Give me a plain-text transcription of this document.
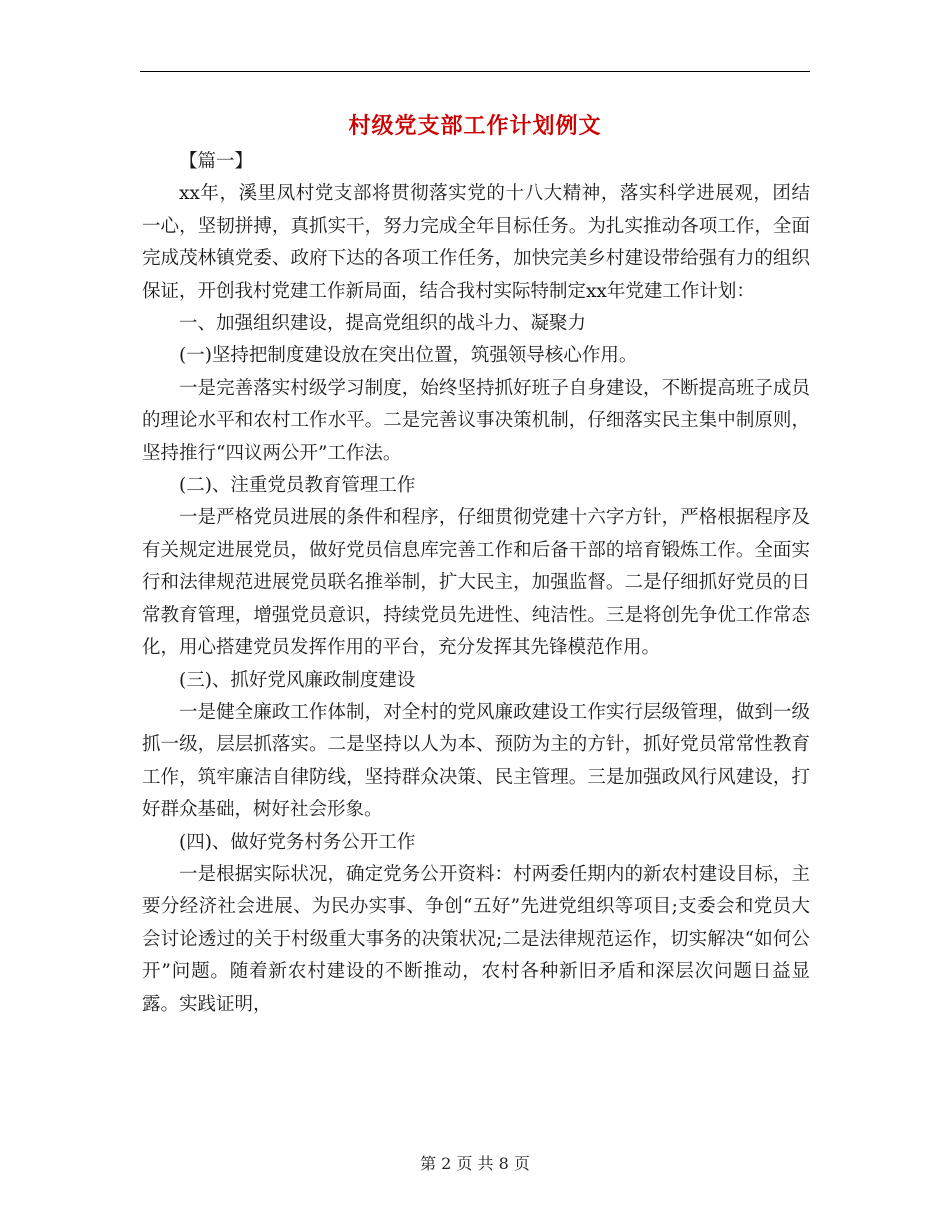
村级党支部工作计划例文

【篇一】

xx年，溪里凤村党支部将贯彻落实党的十八大精神，落实科学进展观，团结一心，坚韧拼搏，真抓实干，努力完成全年目标任务。为扎实推动各项工作，全面完成茂林镇党委、政府下达的各项工作任务，加快完美乡村建设带给强有力的组织保证，开创我村党建工作新局面，结合我村实际特制定xx年党建工作计划：

一、加强组织建设，提高党组织的战斗力、凝聚力

(一)坚持把制度建设放在突出位置，筑强领导核心作用。

一是完善落实村级学习制度，始终坚持抓好班子自身建设，不断提高班子成员的理论水平和农村工作水平。二是完善议事决策机制，仔细落实民主集中制原则，坚持推行“四议两公开”工作法。

(二)、注重党员教育管理工作

一是严格党员进展的条件和程序，仔细贯彻党建十六字方针，严格根据程序及有关规定进展党员，做好党员信息库完善工作和后备干部的培育锻炼工作。全面实行和法律规范进展党员联名推举制，扩大民主，加强监督。二是仔细抓好党员的日常教育管理，增强党员意识，持续党员先进性、纯洁性。三是将创先争优工作常态化，用心搭建党员发挥作用的平台，充分发挥其先锋模范作用。

(三)、抓好党风廉政制度建设

一是健全廉政工作体制，对全村的党风廉政建设工作实行层级管理，做到一级抓一级，层层抓落实。二是坚持以人为本、预防为主的方针，抓好党员常常性教育工作，筑牢廉洁自律防线，坚持群众决策、民主管理。三是加强政风行风建设，打好群众基础，树好社会形象。

(四)、做好党务村务公开工作

一是根据实际状况，确定党务公开资料：村两委任期内的新农村建设目标，主要分经济社会进展、为民办实事、争创“五好”先进党组织等项目;支委会和党员大会讨论透过的关于村级重大事务的决策状况;二是法律规范运作，切实解决“如何公开”问题。随着新农村建设的不断推动，农村各种新旧矛盾和深层次问题日益显露。实践证明，

第 2 页 共 8 页
